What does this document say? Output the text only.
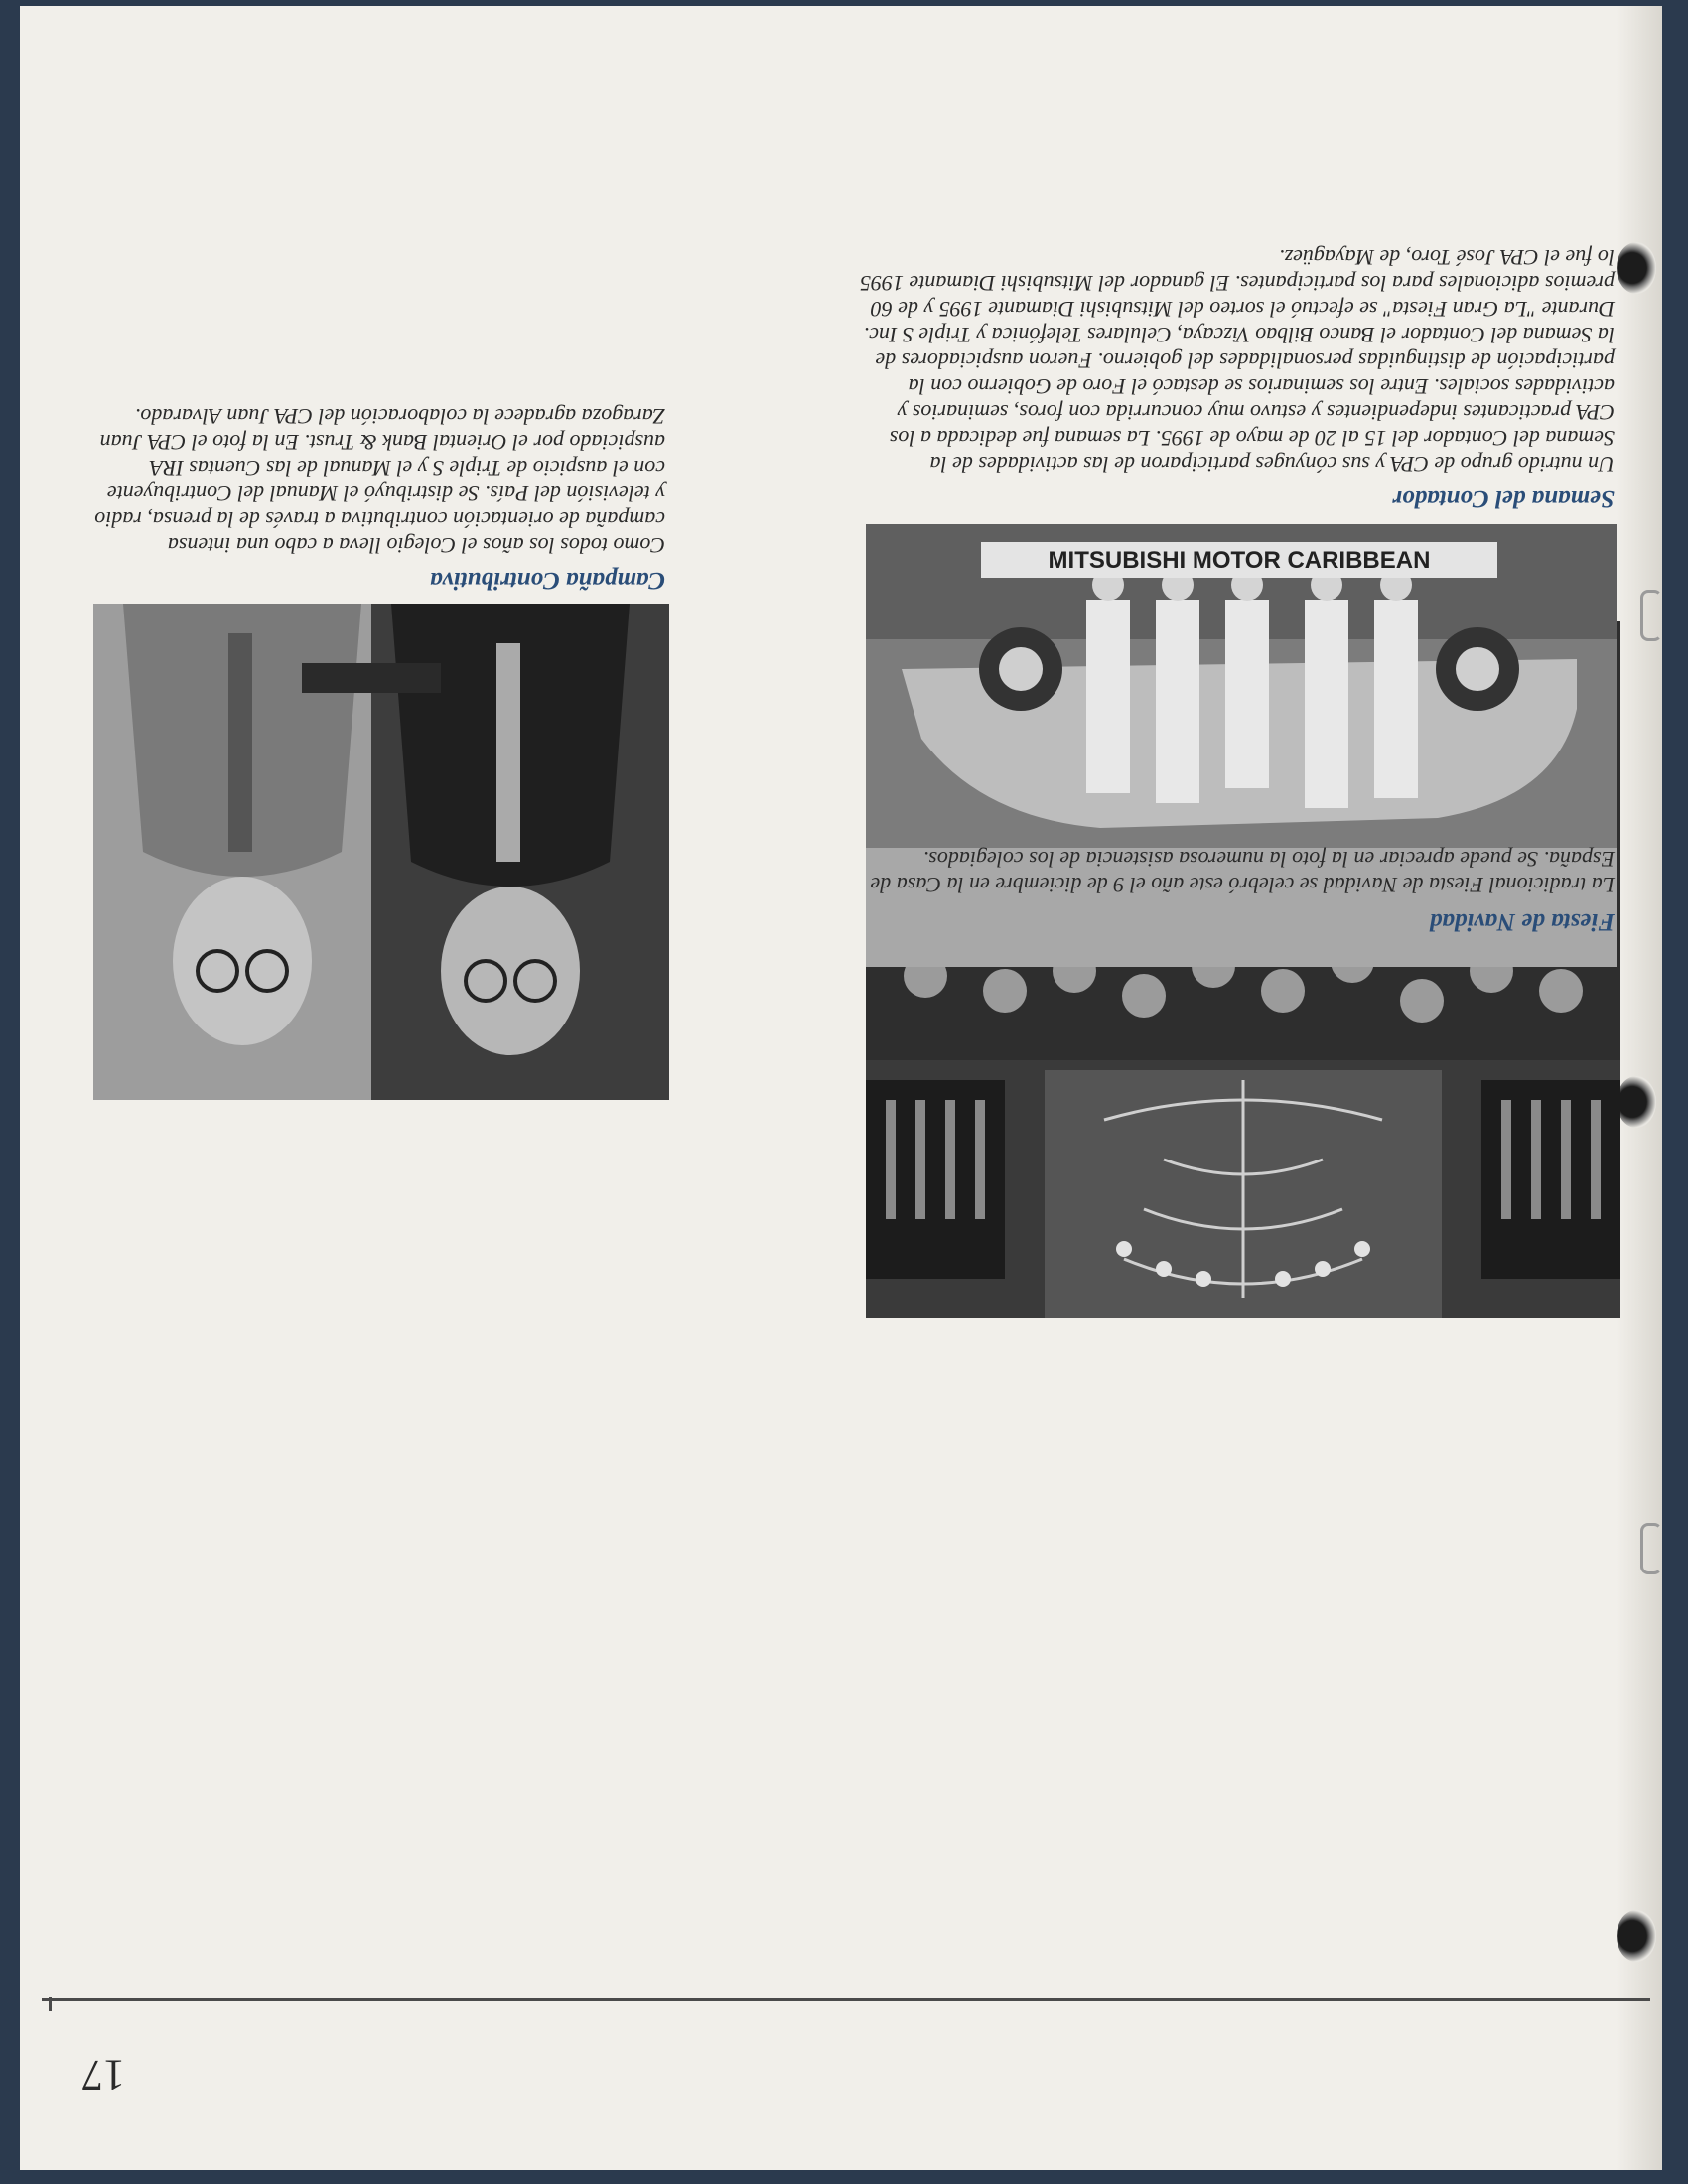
17
MITSUBISHI MOTOR CARIBBEAN
Fiesta de Navidad

La tradicional Fiesta de Navidad se celebró este año el 9 de diciembre en la Casa de España. Se puede apreciar en la foto la numerosa asistencia de los colegiados.

Semana del Contador

Un nutrido grupo de CPA y sus cónyuges participaron de las actividades de la Semana del Contador del 15 al 20 de mayo de 1995. La semana fue dedicada a los CPA practicantes independientes y estuvo muy concurrida con foros, seminarios y actividades sociales. Entre los seminarios se destacó el Foro de Gobierno con la participación de distinguidas personalidades del gobierno. Fueron auspiciadores de la Semana del Contador el Banco Bilbao Vizcaya, Celulares Telefónica y Triple S Inc. Durante "La Gran Fiesta" se efectuó el sorteo del Mitsubishi Diamante 1995 y de 60 premios adicionales para los participantes. El ganador del Mitsubishi Diamante 1995 lo fue el CPA José Toro, de Mayagüez.

Campaña Contributiva

Como todos los años el Colegio lleva a cabo una intensa campaña de orientación contributiva a través de la prensa, radio y televisión del País. Se distribuyó el Manual del Contribuyente con el auspicio de Triple S y el Manual de las Cuentas IRA auspiciado por el Oriental Bank & Trust. En la foto el CPA Juan Zaragoza agradece la colaboración del CPA Juan Alvarado.
